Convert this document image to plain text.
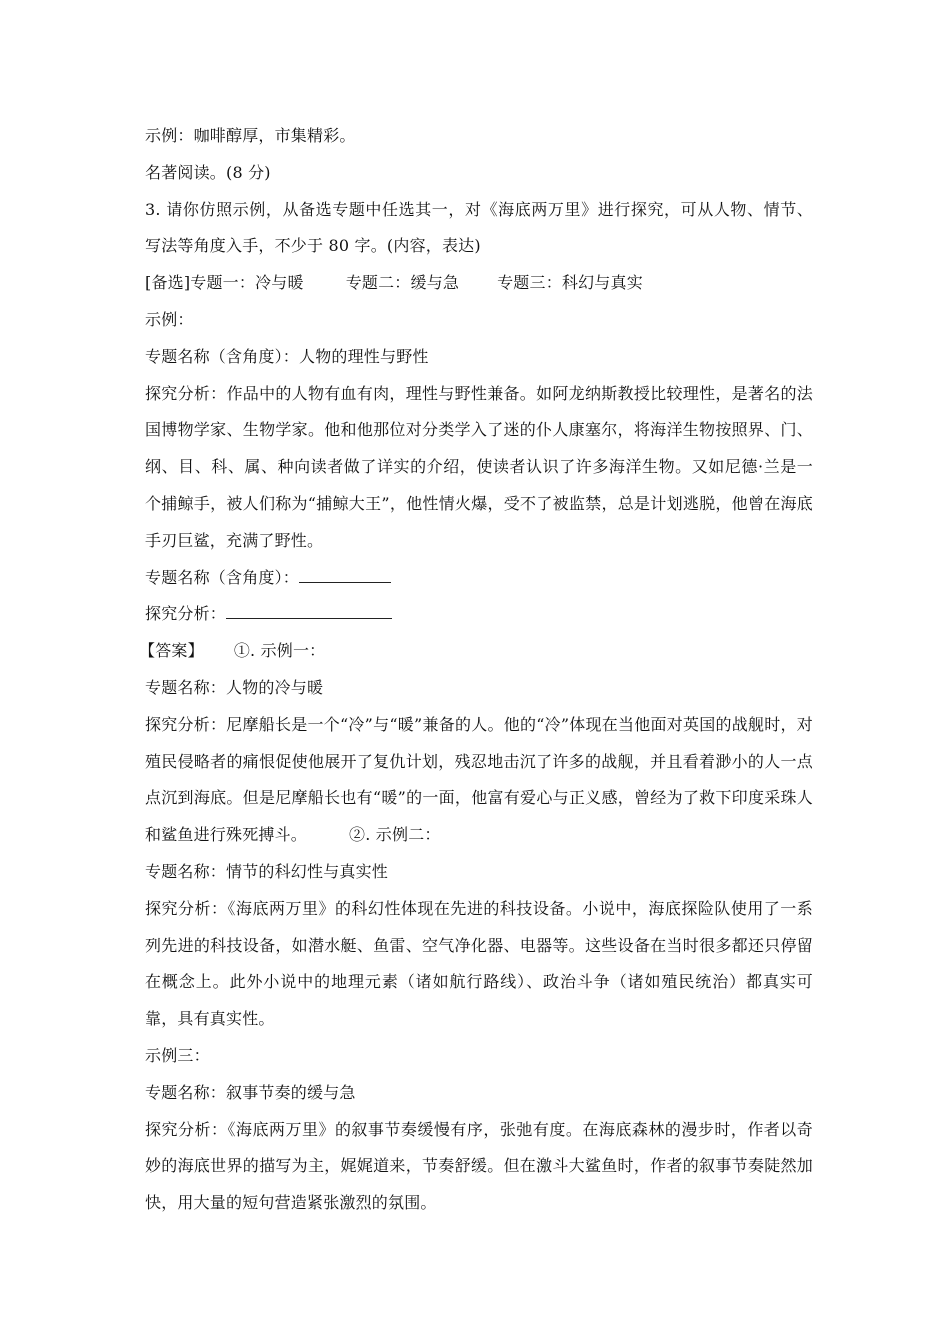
示例：咖啡醇厚，市集精彩。
名著阅读。(8 分)
3. 请你仿照示例，从备选专题中任选其一，对《海底两万里》进行探究，可从人物、情节、写法等角度入手，不少于 80 字。(内容，表达)
[备选]专题一：冷与暖	专题二：缓与急 专题三：科幻与真实
示例：
专题名称（含角度）：人物的理性与野性
探究分析：作品中的人物有血有肉，理性与野性兼备。如阿龙纳斯教授比较理性，是著名的法国博物学家、生物学家。他和他那位对分类学入了迷的仆人康塞尔，将海洋生物按照界、门、纲、目、科、属、种向读者做了详实的介绍，使读者认识了许多海洋生物。又如尼德·兰是一个捕鲸手，被人们称为“捕鲸大王”，他性情火爆，受不了被监禁，总是计划逃脱，他曾在海底手刃巨鲨，充满了野性。
专题名称（含角度）：
探究分析：
【答案】 ①. 示例一：
专题名称：人物的冷与暖
探究分析：尼摩船长是一个“冷”与“暖”兼备的人。他的“冷”体现在当他面对英国的战舰时，对殖民侵略者的痛恨促使他展开了复仇计划，残忍地击沉了许多的战舰，并且看着渺小的人一点点沉到海底。但是尼摩船长也有“暖”的一面，他富有爱心与正义感，曾经为了救下印度采珠人和鲨鱼进行殊死搏斗。	②. 示例二：
专题名称：情节的科幻性与真实性
探究分析：《海底两万里》的科幻性体现在先进的科技设备。小说中，海底探险队使用了一系列先进的科技设备，如潜水艇、鱼雷、空气净化器、电器等。这些设备在当时很多都还只停留在概念上。此外小说中的地理元素（诸如航行路线）、政治斗争（诸如殖民统治）都真实可靠，具有真实性。
示例三：
专题名称：叙事节奏的缓与急
探究分析：《海底两万里》的叙事节奏缓慢有序，张弛有度。在海底森林的漫步时，作者以奇妙的海底世界的描写为主，娓娓道来，节奏舒缓。但在激斗大鲨鱼时，作者的叙事节奏陡然加快，用大量的短句营造紧张激烈的氛围。
